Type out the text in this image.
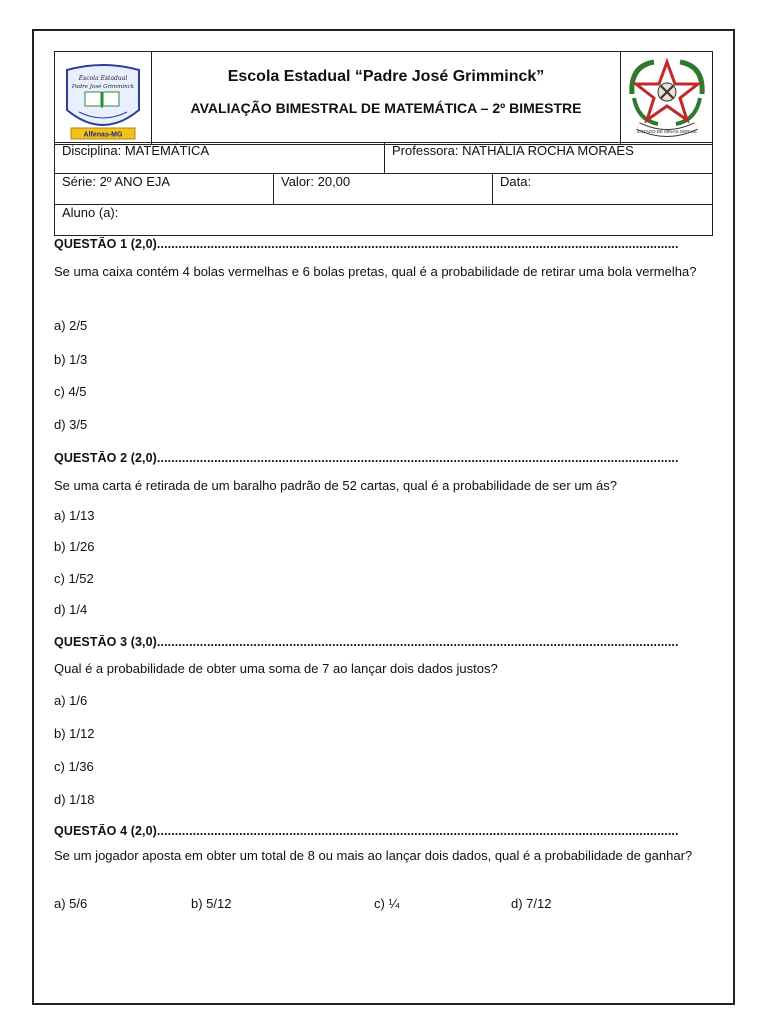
Escola Estadual
Padre José Grimminck
Alfenas-MG

Escola Estadual “Padre José Grimminck”
AVALIAÇÃO BIMESTRAL DE MATEMÁTICA – 2º BIMESTRE

ESTADO DE MINAS GERAIS
Disciplina: MATEMÁTICA	Professora: NATHÁLIA ROCHA MORAES
Série: 2º ANO EJA	Valor: 20,00	Data:
Aluno (a):
QUESTÃO 1 (2,0)..................................................................................................................................................
Se uma caixa contém 4 bolas vermelhas e 6 bolas pretas, qual é a probabilidade de retirar uma bola vermelha?
a) 2/5
b) 1/3
c) 4/5
d) 3/5
QUESTÃO 2 (2,0)..................................................................................................................................................
Se uma carta é retirada de um baralho padrão de 52 cartas, qual é a probabilidade de ser um ás?
a) 1/13
b) 1/26
c) 1/52
d) 1/4
QUESTÃO 3 (3,0)..................................................................................................................................................
Qual é a probabilidade de obter uma soma de 7 ao lançar dois dados justos?
a) 1/6
b) 1/12
c) 1/36
d) 1/18
QUESTÃO 4 (2,0)..................................................................................................................................................
Se um jogador aposta em obter um total de 8 ou mais ao lançar dois dados, qual é a probabilidade de ganhar?
a) 5/6	b) 5/12	c) ¼	d) 7/12
